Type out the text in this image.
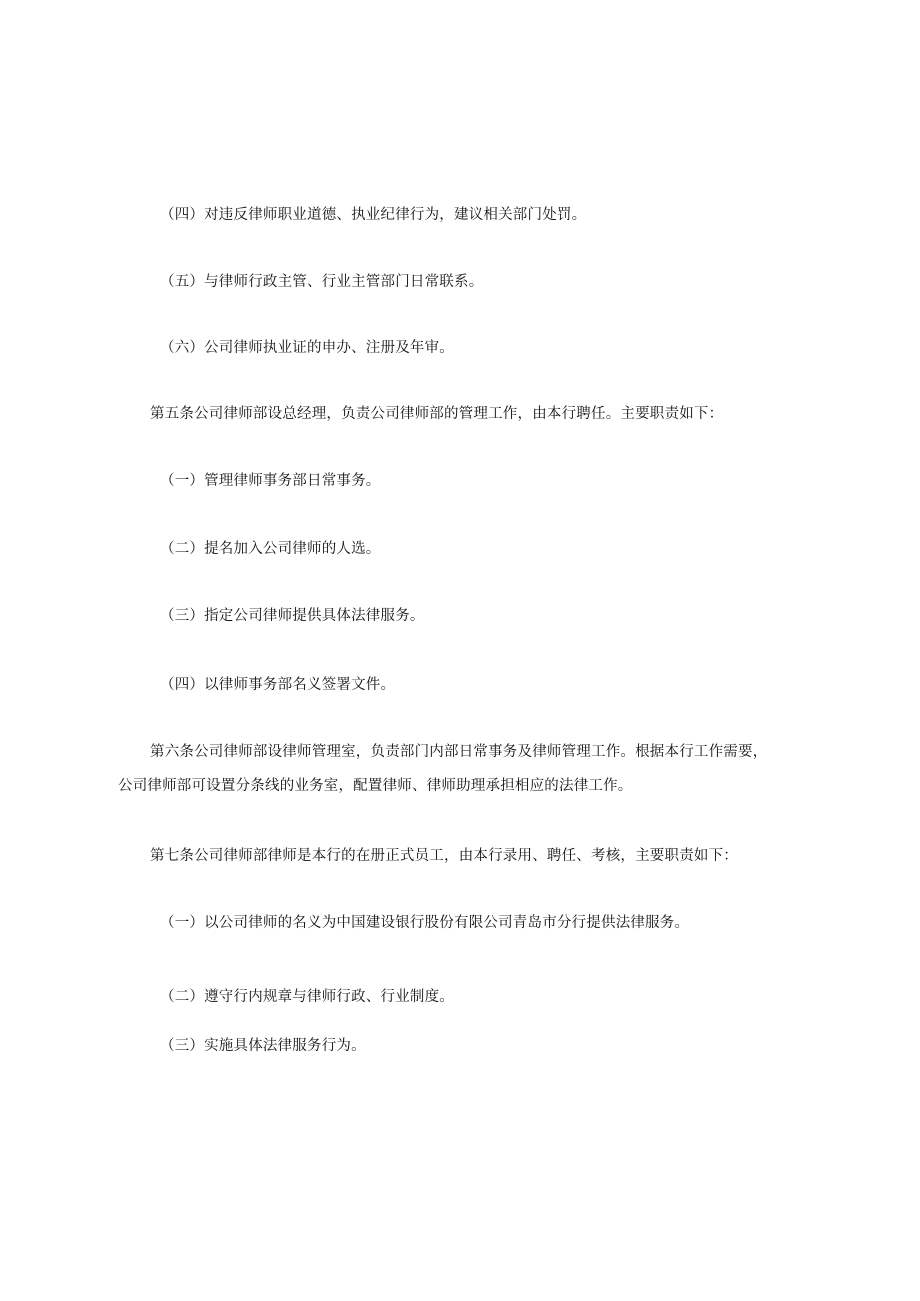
（四）对违反律师职业道德、执业纪律行为，建议相关部门处罚。
（五）与律师行政主管、行业主管部门日常联系。
（六）公司律师执业证的申办、注册及年审。
第五条公司律师部设总经理，负责公司律师部的管理工作，由本行聘任。主要职责如下：
（一）管理律师事务部日常事务。
（二）提名加入公司律师的人选。
（三）指定公司律师提供具体法律服务。
（四）以律师事务部名义签署文件。
第六条公司律师部设律师管理室，负责部门内部日常事务及律师管理工作。根据本行工作需要，
公司律师部可设置分条线的业务室，配置律师、律师助理承担相应的法律工作。
第七条公司律师部律师是本行的在册正式员工，由本行录用、聘任、考核，主要职责如下：
（一）以公司律师的名义为中国建设银行股份有限公司青岛市分行提供法律服务。
（二）遵守行内规章与律师行政、行业制度。
（三）实施具体法律服务行为。
